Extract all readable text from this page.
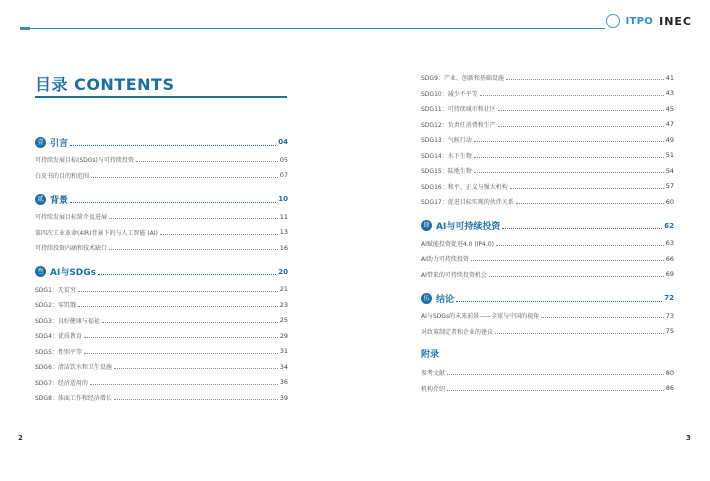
ITPO INEC
目录 CONTENTS
壹 引言	04
可持续发展目标(SDGs)与可持续投资	05
白皮书的目的和范围	07
贰 背景	10
可持续发展目标简介及进展	11
第四次工业革命(4IR)背景下的与人工智能 (AI)	13
可持续投资内涵和技术缺口	16
叁 AI与SDGs	20
SDG1：无贫穷	21
SDG2：零饥饿	23
SDG3：良好健康与福祉	25
SDG4：优质教育	29
SDG5：性别平等	31
SDG6：清洁饮水和卫生设施	34
SDG7：经济适用的	36
SDG8：体面工作和经济增长	39
SDG9：产业、创新和基础设施	41
SDG10：减少不平等	43
SDG11：可持续城市和社区	45
SDG12：负责任消费和生产	47
SDG13：气候行动	49
SDG14：水下生物	51
SDG15：陆地生物	54
SDG16：和平、正义与强大机构	57
SDG17：促进目标实现的伙伴关系	60
肆 AI与可持续投资	62
AI赋能投资促进4.0 (IP4.0)	63
AI助力可持续投资	66
AI带来的可持续投资机会	69
伍 结论	72
AI与SDGs的未来前景——全球与中国的视角	73
对政策制定者和企业的建议	75
附录
参考文献	80
机构介绍	86
2	3
